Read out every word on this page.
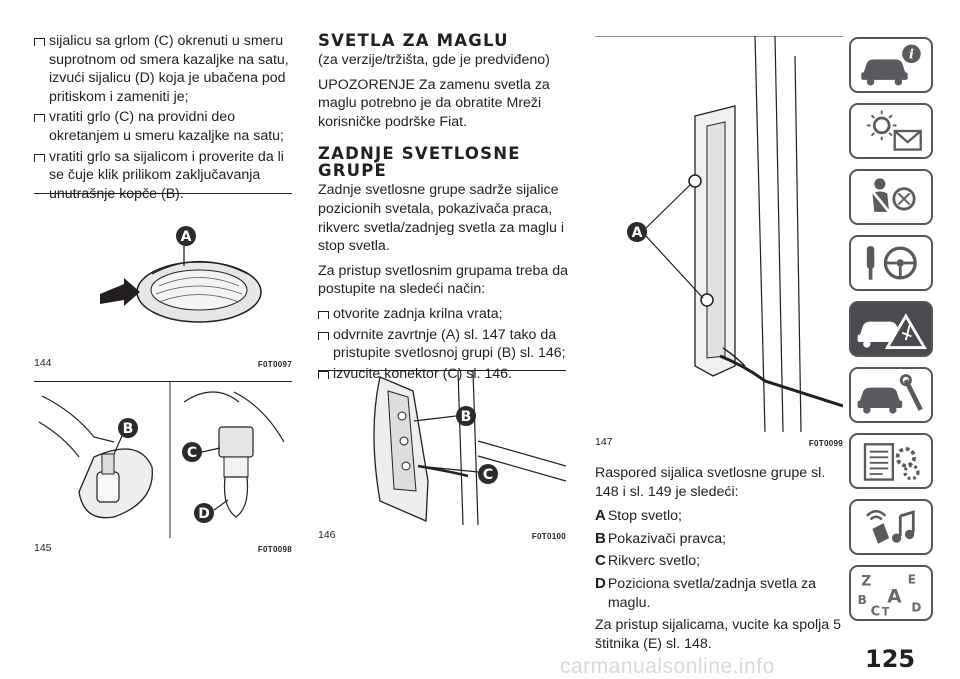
sijalicu sa grlom (C) okrenuti u smeru suprotnom od smera kazaljke na satu, izvući sijalicu (D) koja je ubačena pod pritiskom i zameniti je;
vratiti grlo (C) na providni deo okretanjem u smeru kazaljke na satu;
vratiti grlo sa sijalicom i proverite da li se čuje klik prilikom zaključavanja unutrašnje kopče (B).
A
144	F0T0097
B
C
D
145	F0T0098
SVETLA ZA MAGLU

(za verzije/tržišta, gde je predviđeno)

UPOZORENJE Za zamenu svetla za maglu potrebno je da obratite Mreži korisničke podrške Fiat.

ZADNJE SVETLOSNE GRUPE

Zadnje svetlosne grupe sadrže sijalice pozicionih svetala, pokazivača praca, rikverc svetla/zadnjeg svetla za maglu i stop svetla.

Za pristup svetlosnim grupama treba da postupite na sledeći način:

otvorite zadnja krilna vrata;
odvrnite zavrtnje (A) sl. 147 tako da pristupite svetlosnoj grupi (B) sl. 146;
izvucite konektor (C) sl. 146.
B
C
146	F0T0100
A
147	F0T0099

Raspored sijalica svetlosne grupe sl. 148 i sl. 149 je sledeći:

A Stop svetlo;
B Pokazivači pravca;
C Rikverc svetlo;
D Poziciona svetla/zadnja svetla za maglu.

Za pristup sijalicama, vucite ka spolja 5 štitnika (E) sl. 148.

i
Z	E
B A
C T D
carmanualsonline.info	125
